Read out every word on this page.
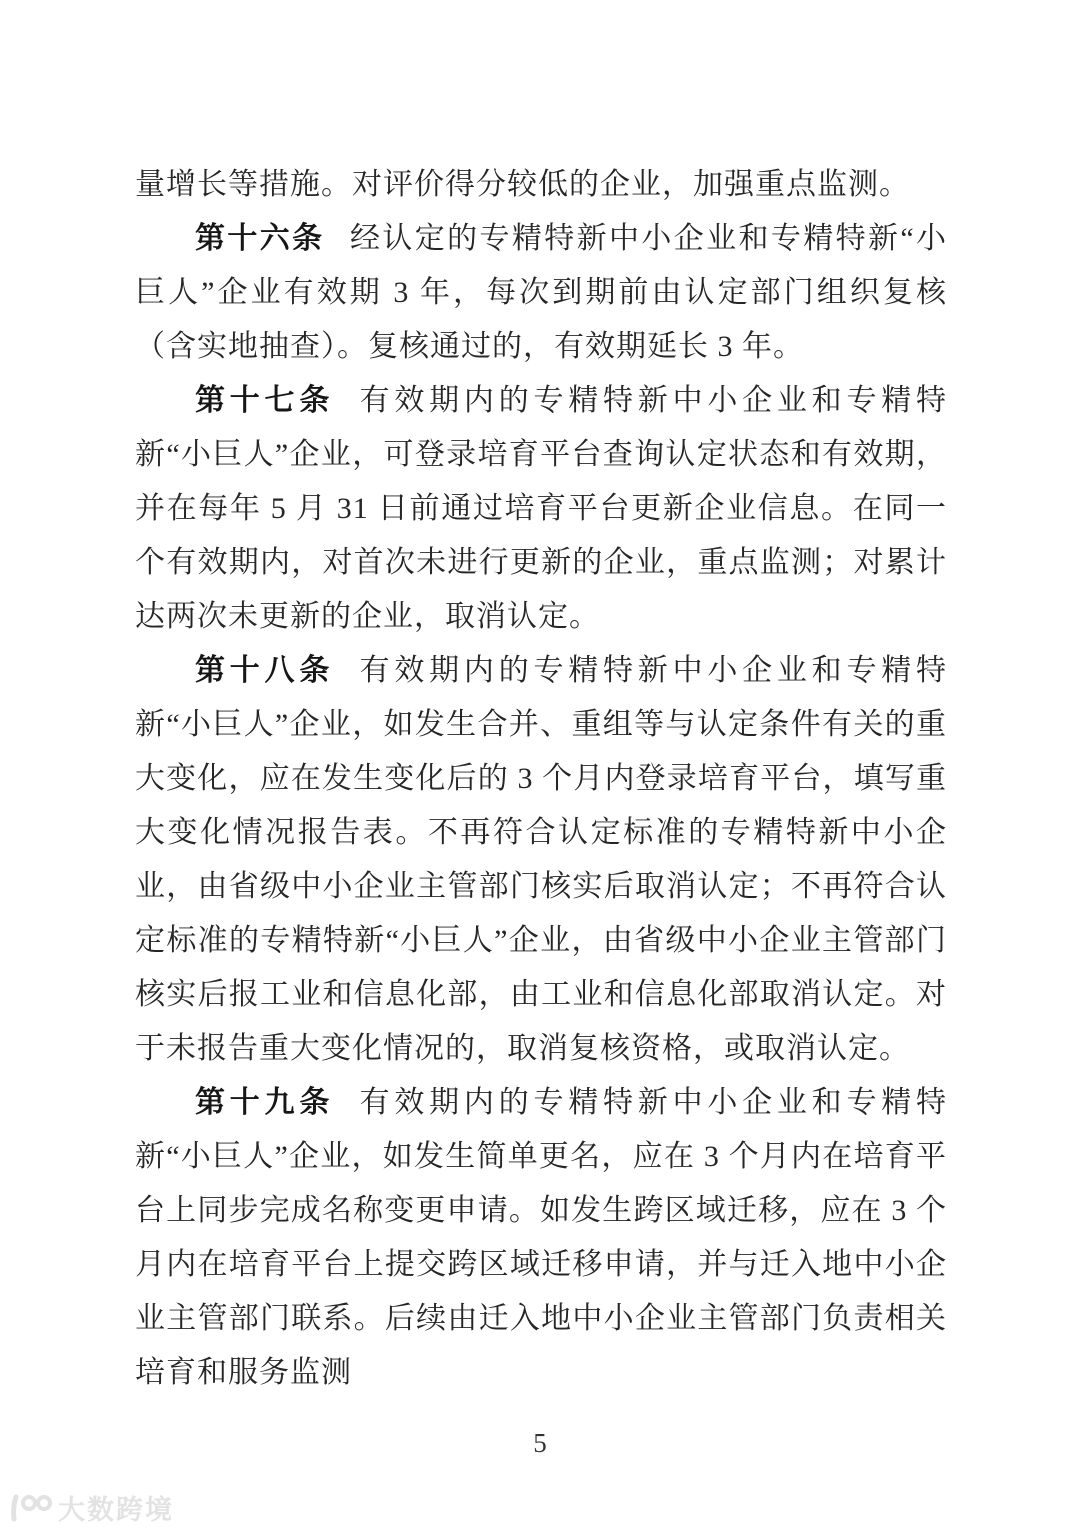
量增长等措施。对评价得分较低的企业，加强重点监测。

第十六条 经认定的专精特新中小企业和专精特新“小巨人”企业有效期 3 年，每次到期前由认定部门组织复核（含实地抽查）。复核通过的，有效期延长 3 年。

第十七条 有效期内的专精特新中小企业和专精特新“小巨人”企业，可登录培育平台查询认定状态和有效期，并在每年 5 月 31 日前通过培育平台更新企业信息。在同一个有效期内，对首次未进行更新的企业，重点监测；对累计达两次未更新的企业，取消认定。

第十八条 有效期内的专精特新中小企业和专精特新“小巨人”企业，如发生合并、重组等与认定条件有关的重大变化，应在发生变化后的 3 个月内登录培育平台，填写重大变化情况报告表。不再符合认定标准的专精特新中小企业，由省级中小企业主管部门核实后取消认定；不再符合认定标准的专精特新“小巨人”企业，由省级中小企业主管部门核实后报工业和信息化部，由工业和信息化部取消认定。对于未报告重大变化情况的，取消复核资格，或取消认定。

第十九条 有效期内的专精特新中小企业和专精特新“小巨人”企业，如发生简单更名，应在 3 个月内在培育平台上同步完成名称变更申请。如发生跨区域迁移，应在 3 个月内在培育平台上提交跨区域迁移申请，并与迁入地中小企业主管部门联系。后续由迁入地中小企业主管部门负责相关培育和服务监测

5
大数跨境
